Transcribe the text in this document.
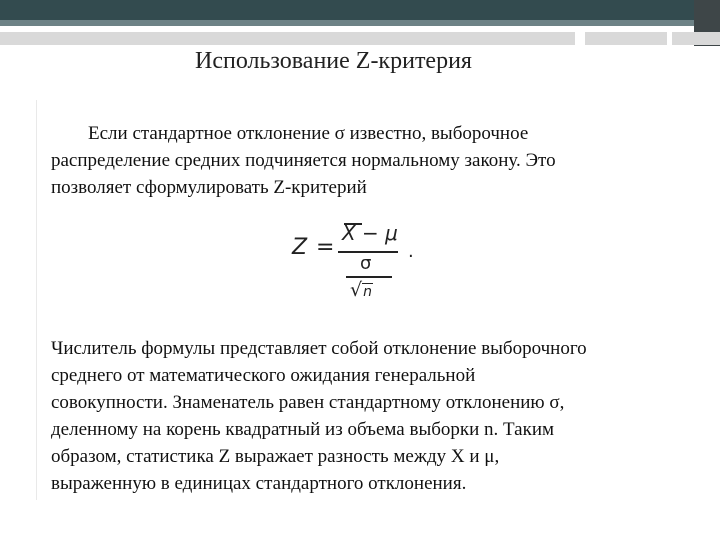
Использование Z-критерия
Если стандартное отклонение σ известно, выборочное
распределение средних подчиняется нормальному закону. Это
позволяет сформулировать Z-критерий
Z =
X − μ
σ
√n
.
Числитель формулы представляет собой отклонение выборочного
среднего от математического ожидания генеральной
совокупности. Знаменатель равен стандартному отклонению σ,
деленному на корень квадратный из объема выборки n. Таким
образом, статистика Z выражает разность между X и μ,
выраженную в единицах стандартного отклонения.
